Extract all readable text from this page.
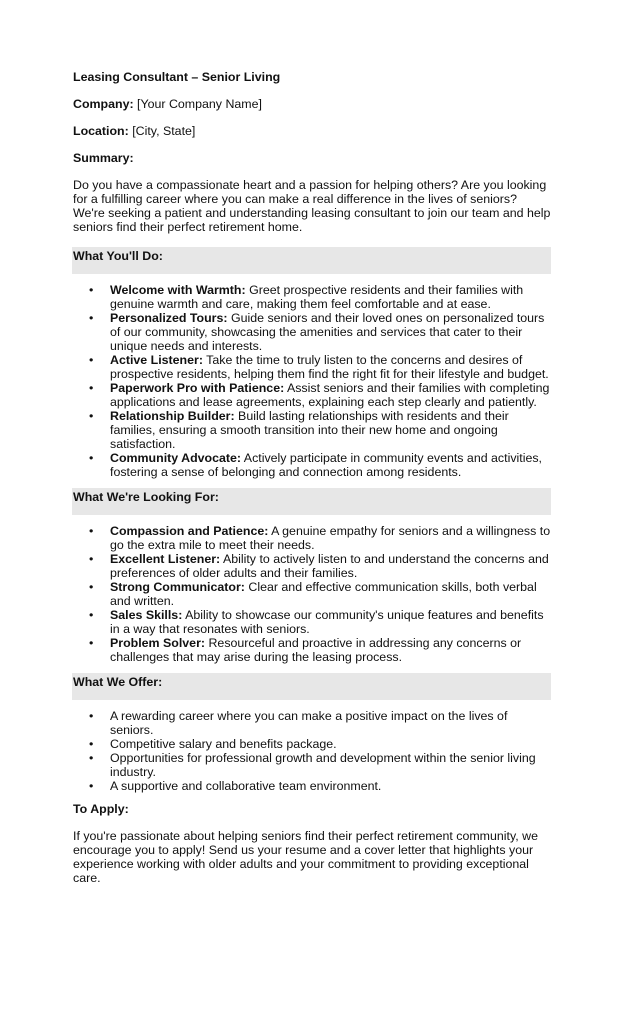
Leasing Consultant – Senior Living
Company: [Your Company Name]
Location: [City, State]
Summary:
Do you have a compassionate heart and a passion for helping others? Are you looking for a fulfilling career where you can make a real difference in the lives of seniors? We're seeking a patient and understanding leasing consultant to join our team and help seniors find their perfect retirement home.
What You'll Do:
• Welcome with Warmth: Greet prospective residents and their families with genuine warmth and care, making them feel comfortable and at ease.
• Personalized Tours: Guide seniors and their loved ones on personalized tours of our community, showcasing the amenities and services that cater to their unique needs and interests.
• Active Listener: Take the time to truly listen to the concerns and desires of prospective residents, helping them find the right fit for their lifestyle and budget.
• Paperwork Pro with Patience: Assist seniors and their families with completing applications and lease agreements, explaining each step clearly and patiently.
• Relationship Builder: Build lasting relationships with residents and their families, ensuring a smooth transition into their new home and ongoing satisfaction.
• Community Advocate: Actively participate in community events and activities, fostering a sense of belonging and connection among residents.
What We're Looking For:
• Compassion and Patience: A genuine empathy for seniors and a willingness to go the extra mile to meet their needs.
• Excellent Listener: Ability to actively listen to and understand the concerns and preferences of older adults and their families.
• Strong Communicator: Clear and effective communication skills, both verbal and written.
• Sales Skills: Ability to showcase our community's unique features and benefits in a way that resonates with seniors.
• Problem Solver: Resourceful and proactive in addressing any concerns or challenges that may arise during the leasing process.
What We Offer:
• A rewarding career where you can make a positive impact on the lives of seniors.
• Competitive salary and benefits package.
• Opportunities for professional growth and development within the senior living industry.
• A supportive and collaborative team environment.
To Apply:
If you're passionate about helping seniors find their perfect retirement community, we encourage you to apply! Send us your resume and a cover letter that highlights your experience working with older adults and your commitment to providing exceptional care.
